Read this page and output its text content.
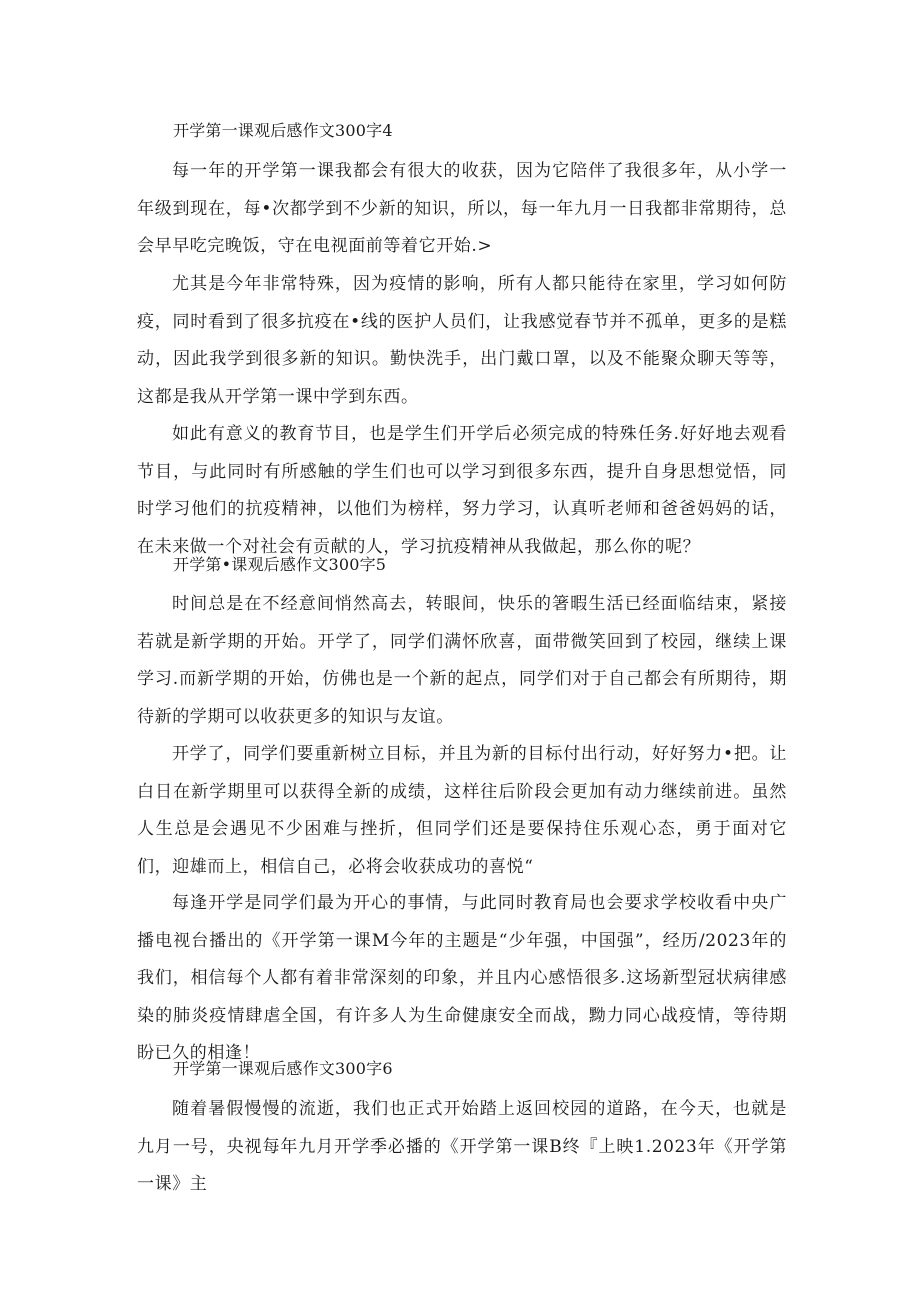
开学第一课观后感作文300字4

每一年的开学第一课我都会有很大的收获，因为它陪伴了我很多年，从小学一年级到现在，每•次都学到不少新的知识，所以，每一年九月一日我都非常期待，总会早早吃完晚饭，守在电视面前等着它开始.>

尤其是今年非常特殊，因为疫情的影响，所有人都只能待在家里，学习如何防疫，同时看到了很多抗疫在•线的医护人员们，让我感觉春节并不孤单，更多的是糕动，因此我学到很多新的知识。勤快洗手，出门戴口罩，以及不能聚众聊天等等，这都是我从开学第一课中学到东西。

如此有意义的教育节目，也是学生们开学后必须完成的特殊任务.好好地去观看节目，与此同时有所感触的学生们也可以学习到很多东西，提升自身思想觉悟，同时学习他们的抗疫精神，以他们为榜样，努力学习，认真听老师和爸爸妈妈的话，在未来做一个对社会有贡献的人，学习抗疫精神从我做起，那么你的呢？

开学第•课观后感作文300字5

时间总是在不经意间悄然高去，转眼间，快乐的箸暇生活已经面临结束，紧接若就是新学期的开始。开学了，同学们满怀欣喜，面带微笑回到了校园，继续上课学习.而新学期的开始，仿佛也是一个新的起点，同学们对于自己都会有所期待，期待新的学期可以收获更多的知识与友谊。

开学了，同学们要重新树立目标，并且为新的目标付出行动，好好努力•把。让白日在新学期里可以获得全新的成绩，这样往后阶段会更加有动力继续前进。虽然人生总是会遇见不少困难与挫折，但同学们还是要保持住乐观心态，勇于面对它们，迎雄而上，相信自己，必将会收获成功的喜悦“

每逢开学是同学们最为开心的事情，与此同时教育局也会要求学校收看中央广播电视台播出的《开学第一课M今年的主题是“少年强，中国强”，经历/2023年的我们，相信每个人都有着非常深刻的印象，并且内心感悟很多.这场新型冠状病律感染的肺炎疫情肆虐全国，有许多人为生命健康安全而战，黝力同心战疫情，等待期盼已久的相逢！

开学第一课观后感作文300字6

随着暑假慢慢的流逝，我们也正式开始踏上返回校园的道路，在今天，也就是九月一号，央视每年九月开学季必播的《开学第一课B终『上映1.2023年《开学第一课》主
